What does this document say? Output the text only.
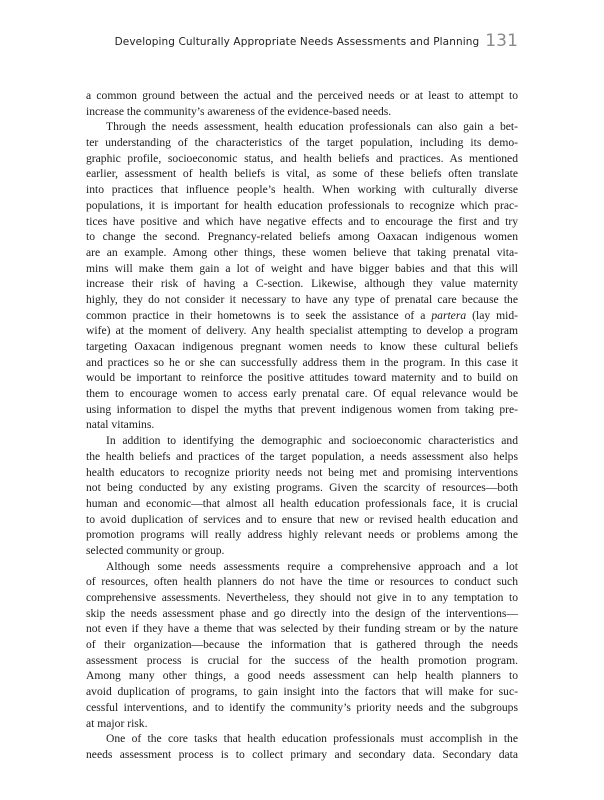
Developing Culturally Appropriate Needs Assessments and Planning 131
a common ground between the actual and the perceived needs or at least to attempt to
increase the community’s awareness of the evidence-based needs.
Through the needs assessment, health education professionals can also gain a bet-
ter understanding of the characteristics of the target population, including its demo-
graphic profile, socioeconomic status, and health beliefs and practices. As mentioned
earlier, assessment of health beliefs is vital, as some of these beliefs often translate
into practices that influence people’s health. When working with culturally diverse
populations, it is important for health education professionals to recognize which prac-
tices have positive and which have negative effects and to encourage the first and try
to change the second. Pregnancy-related beliefs among Oaxacan indigenous women
are an example. Among other things, these women believe that taking prenatal vita-
mins will make them gain a lot of weight and have bigger babies and that this will
increase their risk of having a C-section. Likewise, although they value maternity
highly, they do not consider it necessary to have any type of prenatal care because the
common practice in their hometowns is to seek the assistance of a partera (lay mid-
wife) at the moment of delivery. Any health specialist attempting to develop a program
targeting Oaxacan indigenous pregnant women needs to know these cultural beliefs
and practices so he or she can successfully address them in the program. In this case it
would be important to reinforce the positive attitudes toward maternity and to build on
them to encourage women to access early prenatal care. Of equal relevance would be
using information to dispel the myths that prevent indigenous women from taking pre-
natal vitamins.
In addition to identifying the demographic and socioeconomic characteristics and
the health beliefs and practices of the target population, a needs assessment also helps
health educators to recognize priority needs not being met and promising interventions
not being conducted by any existing programs. Given the scarcity of resources—both
human and economic—that almost all health education professionals face, it is crucial
to avoid duplication of services and to ensure that new or revised health education and
promotion programs will really address highly relevant needs or problems among the
selected community or group.
Although some needs assessments require a comprehensive approach and a lot
of resources, often health planners do not have the time or resources to conduct such
comprehensive assessments. Nevertheless, they should not give in to any temptation to
skip the needs assessment phase and go directly into the design of the interventions—
not even if they have a theme that was selected by their funding stream or by the nature
of their organization—because the information that is gathered through the needs
assessment process is crucial for the success of the health promotion program.
Among many other things, a good needs assessment can help health planners to
avoid duplication of programs, to gain insight into the factors that will make for suc-
cessful interventions, and to identify the community’s priority needs and the subgroups
at major risk.
One of the core tasks that health education professionals must accomplish in the
needs assessment process is to collect primary and secondary data. Secondary data
